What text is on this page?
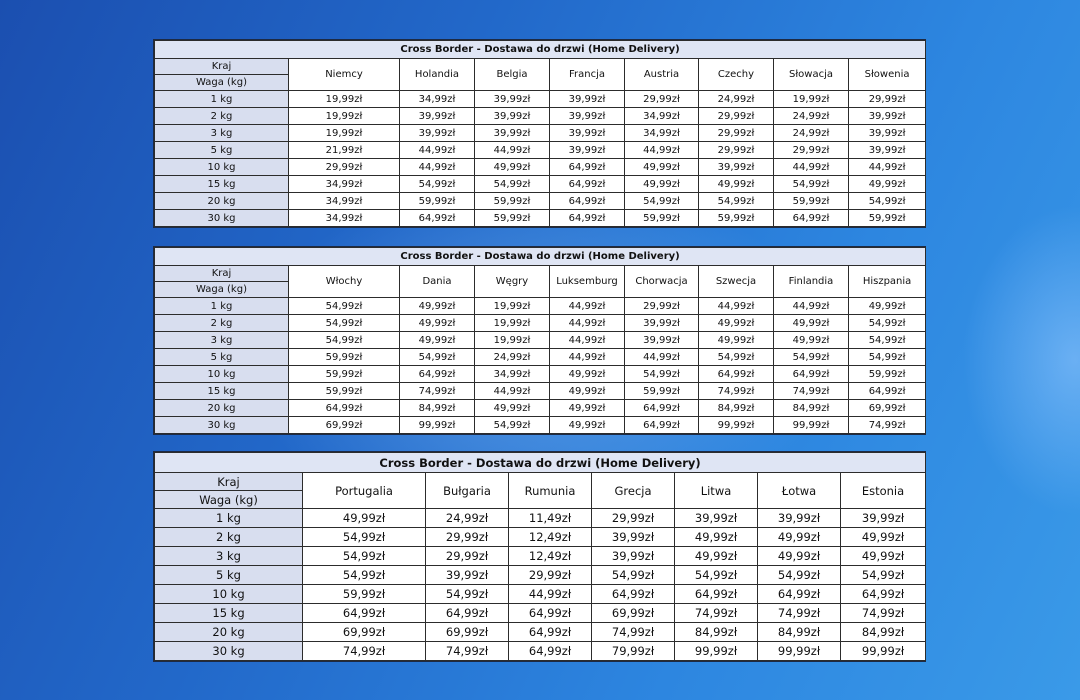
Cross Border - Dostawa do drzwi (Home Delivery)								
Kraj	Niemcy	Holandia	Belgia	Francja	Austria	Czechy	Słowacja	Słowenia
Waga (kg)								
1 kg	19,99zł	34,99zł	39,99zł	39,99zł	29,99zł	24,99zł	19,99zł	29,99zł
2 kg	19,99zł	39,99zł	39,99zł	39,99zł	34,99zł	29,99zł	24,99zł	39,99zł
3 kg	19,99zł	39,99zł	39,99zł	39,99zł	34,99zł	29,99zł	24,99zł	39,99zł
5 kg	21,99zł	44,99zł	44,99zł	39,99zł	44,99zł	29,99zł	29,99zł	39,99zł
10 kg	29,99zł	44,99zł	49,99zł	64,99zł	49,99zł	39,99zł	44,99zł	44,99zł
15 kg	34,99zł	54,99zł	54,99zł	64,99zł	49,99zł	49,99zł	54,99zł	49,99zł
20 kg	34,99zł	59,99zł	59,99zł	64,99zł	54,99zł	54,99zł	59,99zł	54,99zł
30 kg	34,99zł	64,99zł	59,99zł	64,99zł	59,99zł	59,99zł	64,99zł	59,99zł
Cross Border - Dostawa do drzwi (Home Delivery)								
Kraj	Włochy	Dania	Węgry	Luksemburg	Chorwacja	Szwecja	Finlandia	Hiszpania
Waga (kg)								
1 kg	54,99zł	49,99zł	19,99zł	44,99zł	29,99zł	44,99zł	44,99zł	49,99zł
2 kg	54,99zł	49,99zł	19,99zł	44,99zł	39,99zł	49,99zł	49,99zł	54,99zł
3 kg	54,99zł	49,99zł	19,99zł	44,99zł	39,99zł	49,99zł	49,99zł	54,99zł
5 kg	59,99zł	54,99zł	24,99zł	44,99zł	44,99zł	54,99zł	54,99zł	54,99zł
10 kg	59,99zł	64,99zł	34,99zł	49,99zł	54,99zł	64,99zł	64,99zł	59,99zł
15 kg	59,99zł	74,99zł	44,99zł	49,99zł	59,99zł	74,99zł	74,99zł	64,99zł
20 kg	64,99zł	84,99zł	49,99zł	49,99zł	64,99zł	84,99zł	84,99zł	69,99zł
30 kg	69,99zł	99,99zł	54,99zł	49,99zł	64,99zł	99,99zł	99,99zł	74,99zł
Cross Border - Dostawa do drzwi (Home Delivery)							
Kraj	Portugalia	Bułgaria	Rumunia	Grecja	Litwa	Łotwa	Estonia
Waga (kg)							
1 kg	49,99zł	24,99zł	11,49zł	29,99zł	39,99zł	39,99zł	39,99zł
2 kg	54,99zł	29,99zł	12,49zł	39,99zł	49,99zł	49,99zł	49,99zł
3 kg	54,99zł	29,99zł	12,49zł	39,99zł	49,99zł	49,99zł	49,99zł
5 kg	54,99zł	39,99zł	29,99zł	54,99zł	54,99zł	54,99zł	54,99zł
10 kg	59,99zł	54,99zł	44,99zł	64,99zł	64,99zł	64,99zł	64,99zł
15 kg	64,99zł	64,99zł	64,99zł	69,99zł	74,99zł	74,99zł	74,99zł
20 kg	69,99zł	69,99zł	64,99zł	74,99zł	84,99zł	84,99zł	84,99zł
30 kg	74,99zł	74,99zł	64,99zł	79,99zł	99,99zł	99,99zł	99,99zł
